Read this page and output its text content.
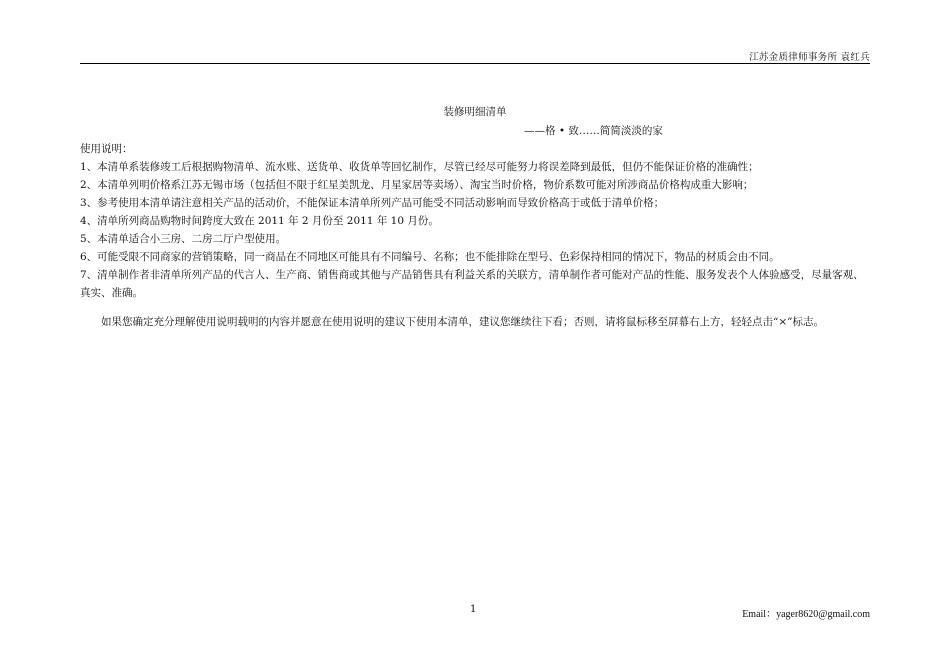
江苏金质律师事务所 袁红兵
装修明细清单
——格 • 致……简简淡淡的家

使用说明：

1、本清单系装修竣工后根据购物清单、流水账、送货单、收货单等回忆制作，尽管已经尽可能努力将误差降到最低，但仍不能保证价格的准确性；

2、本清单列明价格系江苏无锡市场（包括但不限于红星美凯龙、月星家居等卖场）、淘宝当时价格，物价系数可能对所涉商品价格构成重大影响；

3、参考使用本清单请注意相关产品的活动价，不能保证本清单所列产品可能受不同活动影响而导致价格高于或低于清单价格；

4、清单所列商品购物时间跨度大致在 2011 年 2 月份至 2011 年 10 月份。

5、本清单适合小三房、二房二厅户型使用。

6、可能受限不同商家的营销策略，同一商品在不同地区可能具有不同编号、名称；也不能排除在型号、色彩保持相同的情况下，物品的材质会由不同。

7、清单制作者非清单所列产品的代言人、生产商、销售商或其他与产品销售具有利益关系的关联方，清单制作者可能对产品的性能、服务发表个人体验感受，尽量客观、真实、准确。

如果您确定充分理解使用说明载明的内容并愿意在使用说明的建议下使用本清单，建议您继续往下看；否则，请将鼠标移至屏幕右上方，轻轻点击“×”标志。
1	Email：yager8620@gmail.com
